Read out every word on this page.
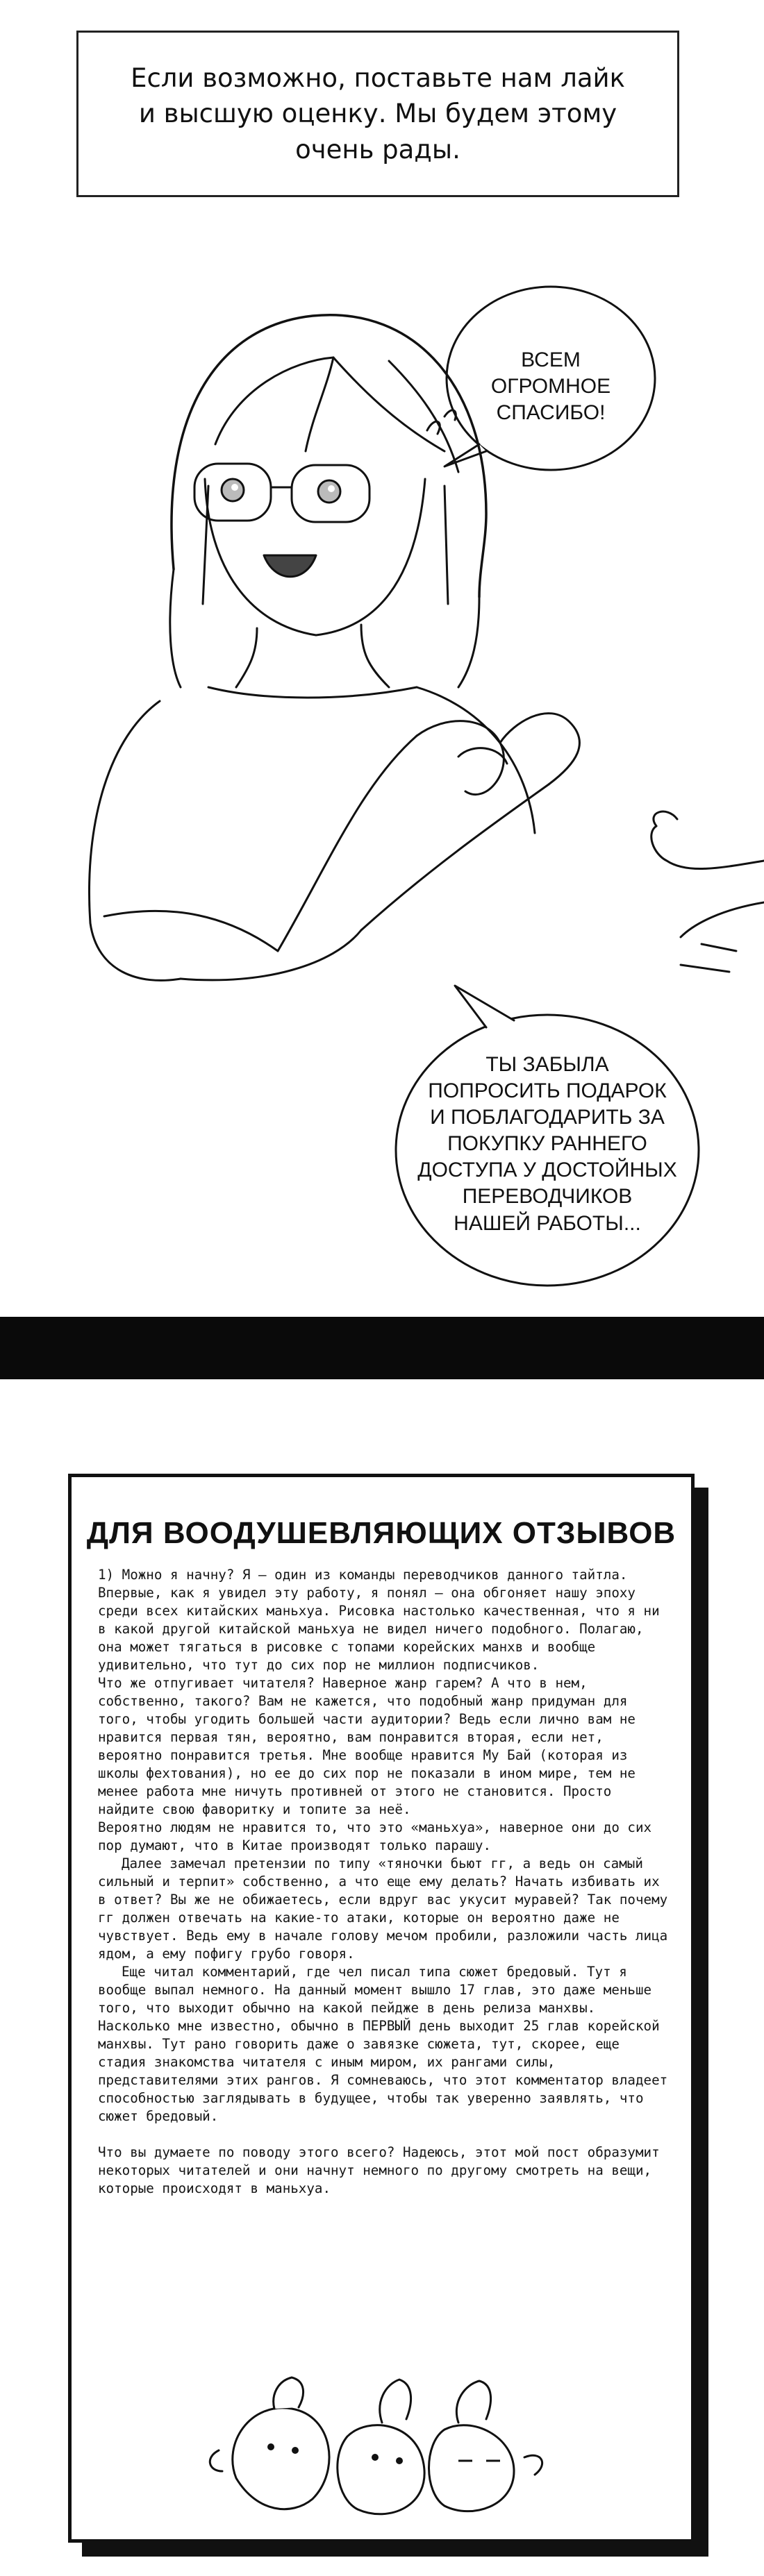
Если возможно, поставьте нам лайк
и высшую оценку. Мы будем этому
очень рады.

ВСЕМ ОГРОМНОЕ
СПАСИБО!
ТЫ ЗАБЫЛА
ПОПРОСИТЬ ПОДАРОК
И ПОБЛАГОДАРИТЬ ЗА
ПОКУПКУ РАННЕГО
ДОСТУПА У ДОСТОЙНЫХ
ПЕРЕВОДЧИКОВ
НАШЕЙ РАБОТЫ...
ДЛЯ ВООДУШЕВЛЯЮЩИХ ОТЗЫВОВ

1) Можно я начну? Я – один из команды переводчиков данного тайтла. Впервые, как я увидел эту работу, я понял – она обгоняет нашу эпоху среди всех китайских маньхуа. Рисовка настолько качественная, что я ни в какой другой китайской маньхуа не видел ничего подобного. Полагаю, она может тягаться в рисовке с топами корейских манхв и вообще удивительно, что тут до сих пор не миллион подписчиков.

Что же отпугивает читателя? Наверное жанр гарем? А что в нем, собственно, такого? Вам не кажется, что подобный жанр придуман для того, чтобы угодить большей части аудитории? Ведь если лично вам не нравится первая тян, вероятно, вам понравится вторая, если нет, вероятно понравится третья. Мне вообще нравится Му Бай (которая из школы фехтования), но ее до сих пор не показали в ином мире, тем не менее работа мне ничуть противней от этого не становится. Просто найдите свою фаворитку и топите за неё.

Вероятно людям не нравится то, что это «маньхуа», наверное они до сих пор думают, что в Китае производят только парашу.

Далее замечал претензии по типу «тяночки бьют гг, а ведь он самый сильный и терпит» собственно, а что еще ему делать? Начать избивать их в ответ? Вы же не обижаетесь, если вдруг вас укусит муравей? Так почему гг должен отвечать на какие-то атаки, которые он вероятно даже не чувствует. Ведь ему в начале голову мечом пробили, разложили часть лица ядом, а ему пофигу грубо говоря.

Еще читал комментарий, где чел писал типа сюжет бредовый. Тут я вообще выпал немного. На данный момент вышло 17 глав, это даже меньше того, что выходит обычно на какой пейдже в день релиза манхвы. Насколько мне известно, обычно в ПЕРВЫЙ день выходит 25 глав корейской манхвы. Тут рано говорить даже о завязке сюжета, тут, скорее, еще стадия знакомства читателя с иным миром, их рангами силы, представителями этих рангов. Я сомневаюсь, что этот комментатор владеет способностью заглядывать в будущее, чтобы так уверенно заявлять, что сюжет бредовый.

Что вы думаете по поводу этого всего? Надеюсь, этот мой пост образумит некоторых читателей и они начнут немного по другому смотреть на вещи, которые происходят в маньхуа.
